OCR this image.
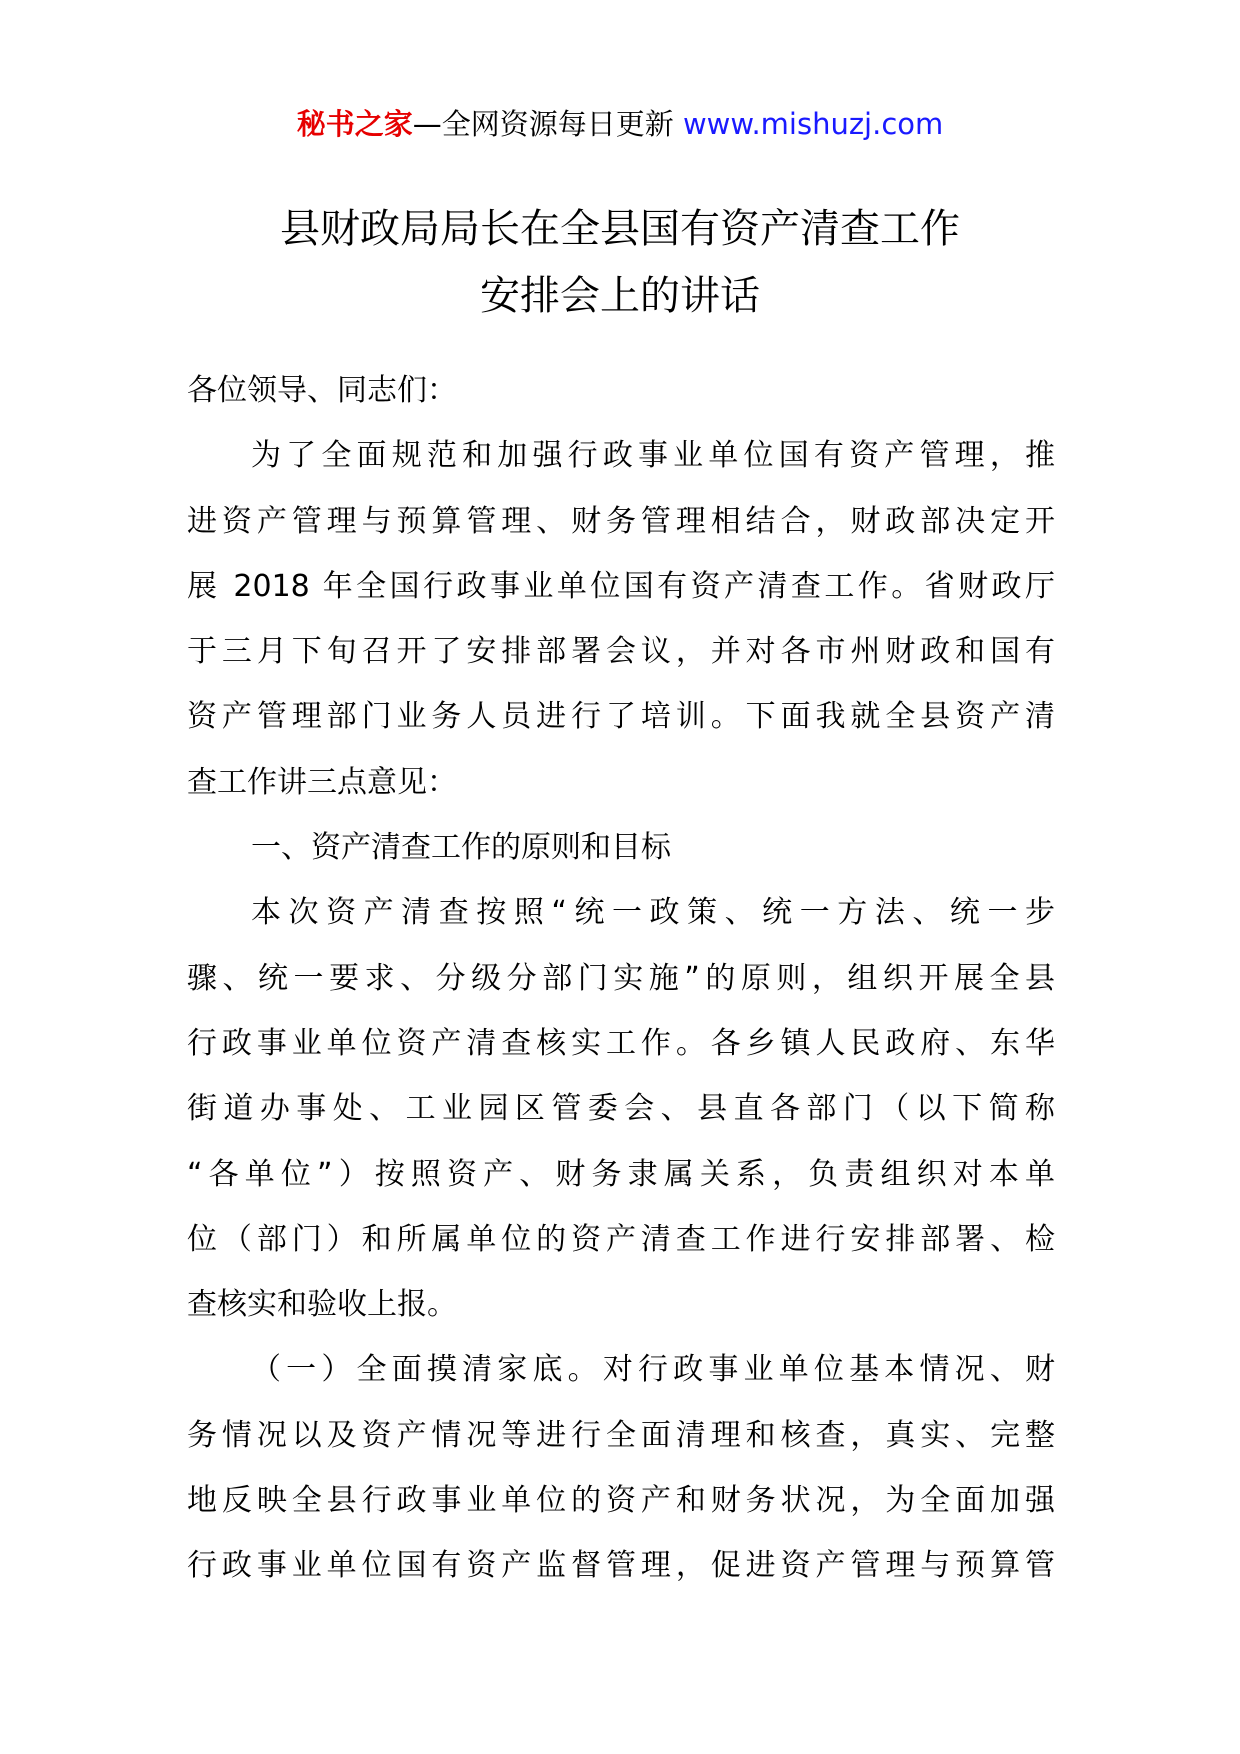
秘书之家—全网资源每日更新 www.mishuzj.com
县财政局局长在全县国有资产清查工作
安排会上的讲话
各位领导、同志们：
为了全面规范和加强行政事业单位国有资产管理，推
进资产管理与预算管理、财务管理相结合，财政部决定开
展 2018 年全国行政事业单位国有资产清查工作。省财政厅
于三月下旬召开了安排部署会议，并对各市州财政和国有
资产管理部门业务人员进行了培训。下面我就全县资产清
查工作讲三点意见：
一、资产清查工作的原则和目标
本次资产清查按照“统一政策、统一方法、统一步
骤、统一要求、分级分部门实施”的原则，组织开展全县
行政事业单位资产清查核实工作。各乡镇人民政府、东华
街道办事处、工业园区管委会、县直各部门（以下简称
“各单位”）按照资产、财务隶属关系，负责组织对本单
位（部门）和所属单位的资产清查工作进行安排部署、检
查核实和验收上报。
（一）全面摸清家底。对行政事业单位基本情况、财
务情况以及资产情况等进行全面清理和核查，真实、完整
地反映全县行政事业单位的资产和财务状况，为全面加强
行政事业单位国有资产监督管理，促进资产管理与预算管
